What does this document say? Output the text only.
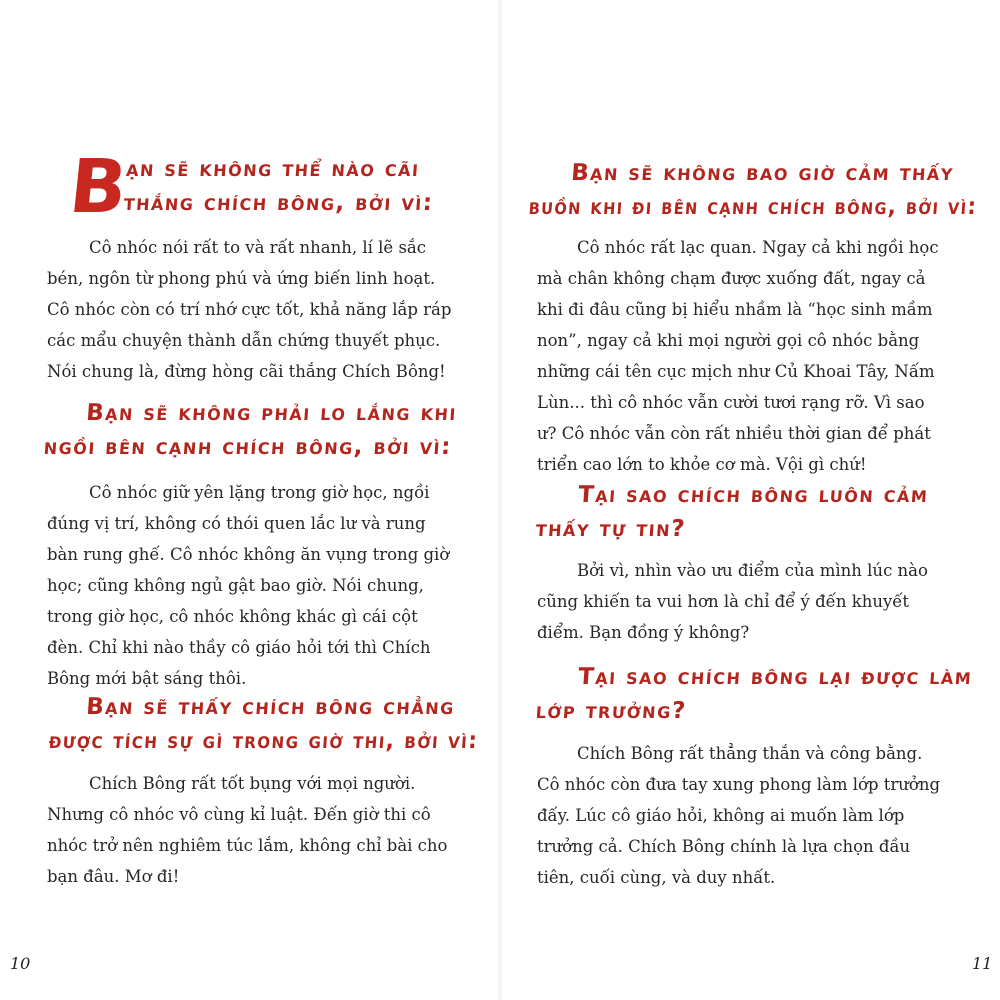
B
ạn sẽ không thể nào cãi
thắng chích bông, bởi vì:
Cô nhóc nói rất to và rất nhanh, lí lẽ sắc
bén, ngôn từ phong phú và ứng biến linh hoạt.
Cô nhóc còn có trí nhớ cực tốt, khả năng lắp ráp
các mẩu chuyện thành dẫn chứng thuyết phục.
Nói chung là, đừng hòng cãi thắng Chích Bông!
Bạn sẽ không phải lo lắng khi
ngồi bên cạnh chích bông, bởi vì:
Cô nhóc giữ yên lặng trong giờ học, ngồi
đúng vị trí, không có thói quen lắc lư và rung
bàn rung ghế. Cô nhóc không ăn vụng trong giờ
học; cũng không ngủ gật bao giờ. Nói chung,
trong giờ học, cô nhóc không khác gì cái cột
đèn. Chỉ khi nào thầy cô giáo hỏi tới thì Chích
Bông mới bật sáng thôi.
Bạn sẽ thấy chích bông chẳng
được tích sự gì trong giờ thi, bởi vì:
Chích Bông rất tốt bụng với mọi người.
Nhưng cô nhóc vô cùng kỉ luật. Đến giờ thi cô
nhóc trở nên nghiêm túc lắm, không chỉ bài cho
bạn đâu. Mơ đi!
10
Bạn sẽ không bao giờ cảm thấy
buồn khi đi bên cạnh chích bông, bởi vì:
Cô nhóc rất lạc quan. Ngay cả khi ngồi học
mà chân không chạm được xuống đất, ngay cả
khi đi đâu cũng bị hiểu nhầm là “học sinh mầm
non”, ngay cả khi mọi người gọi cô nhóc bằng
những cái tên cục mịch như Củ Khoai Tây, Nấm
Lùn... thì cô nhóc vẫn cười tươi rạng rỡ. Vì sao
ư? Cô nhóc vẫn còn rất nhiều thời gian để phát
triển cao lớn to khỏe cơ mà. Vội gì chứ!
Tại sao chích bông luôn cảm
thấy tự tin?
Bởi vì, nhìn vào ưu điểm của mình lúc nào
cũng khiến ta vui hơn là chỉ để ý đến khuyết
điểm. Bạn đồng ý không?
Tại sao chích bông lại được làm
lớp trưởng?
Chích Bông rất thẳng thắn và công bằng.
Cô nhóc còn đưa tay xung phong làm lớp trưởng
đấy. Lúc cô giáo hỏi, không ai muốn làm lớp
trưởng cả. Chích Bông chính là lựa chọn đầu
tiên, cuối cùng, và duy nhất.
11
